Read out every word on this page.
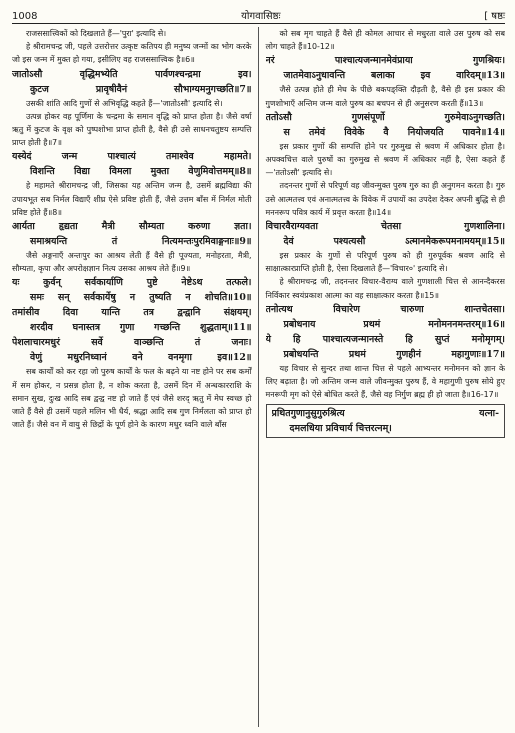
1008	योगवासिष्ठः	[ षष्ठः

राजससात्त्विकों को दिखलाते हैं—'पुरा' इत्यादि से।

हे श्रीरामचन्द्र जी, पहले उत्तरोत्तर उत्कृष्ट कतिपय ही मनुष्य जन्मों का भोग करके जो इस जन्म में मुक्त हो गया, इसीलिए वह राजससात्त्विक है॥6॥

जातोऽसौ वृद्धिमभ्येति पार्वणश्चन्द्रमा इव।
कुटज प्रावृषीवैनं सौभाग्यमनुगच्छति॥7॥

उसकी शांति आदि गुणों से अभिवृद्धि कहते हैं—'जातोऽसौ' इत्यादि से।

उत्पन्न होकर वह पूर्णिमा के चन्द्रमा के समान वृद्धि को प्राप्त होता है। जैसे वर्षा ऋतु में कुटज के वृक्ष को पुष्पशोभा प्राप्त होती है, वैसे ही उसे साधनचतुष्टय सम्पत्ति प्राप्त होती है॥7॥

यस्येदं जन्म पाश्चात्यं तमाश्वेव महामते।
विशन्ति विद्या विमला मुक्ता वेणुमिवोत्तमम्॥8॥

हे महामते श्रीरामचन्द्र जी, जिसका यह अन्तिम जन्म है, उसमें ब्रह्मविद्या की उपायभूत सब निर्मल विद्याएँ शीघ्र ऐसे प्रविष्ट होती हैं, जैसे उत्तम बाँस में निर्मल मोती प्रविष्ट होते हैं॥8॥

आर्यता हृद्यता मैत्री सौम्यता करुणा ज्ञता।
समाश्रयन्ति तं नित्यमन्तःपुरमिवाङ्गनाः॥9॥

जैसे अङ्गनाएँ अन्तःपुर का आश्रय लेती हैं वैसे ही पूज्यता, मनोहरता, मैत्री, सौम्यता, कृपा और अपरोक्षज्ञान नित्य उसका आश्रय लेते हैं॥9॥

यः कुर्वन् सर्वकार्याणि पुष्टे नेष्टेऽथ तत्फले।
समः सन् सर्वकार्येषु न तुष्यति न शोचति॥10॥
तमांसीव दिवा यान्ति तत्र द्वन्द्वानि संक्षयम्।
शरदीव घनास्तत्र गुणा गच्छन्ति शुद्धताम्॥11॥
पेशलाचारमधुरं सर्वे वाञ्छन्ति तं जनाः।
वेणुं मधुरनिध्वानं वने वनमृगा इव॥12॥

सब कार्यों को कर रहा जो पुरुष कार्यों के फल के बढ़ने या नष्ट होने पर सब कर्मों में सम होकर, न प्रसन्न होता है, न शोक करता है, उसमें दिन में अन्धकारराशि के समान सुख, दुःख आदि सब द्वन्द्व नष्ट हो जाते हैं एवं जैसे शरद् ऋतु में मेघ स्वच्छ हो जाते हैं वैसे ही उसमें पहले मलिन भी धैर्य, श्रद्धा आदि सब गुण निर्मलता को प्राप्त हो जाते हैं। जैसे वन में वायु से छिद्रों के पूर्ण होने के कारण मधुर ध्वनि वाले बाँस

को सब मृग चाहते हैं वैसे ही कोमल आचार से मधुरता वाले उस पुरुष को सब लोग चाहते हैं॥10-12॥

नरं पाश्चात्यजन्मानमेवंप्राया गुणश्रियः।
जातमेवाऽनुधावन्ति बलाका इव वारिदम्॥13॥

जैसे उत्पन्न होते ही मेघ के पीछे बकपङ्क्ति दौड़ती है, वैसे ही इस प्रकार की गुणशोभाएँ अन्तिम जन्म वाले पुरुष का बचपन से ही अनुसरण करती हैं॥13॥

ततोऽसौ गुणसंपूर्णो गुरुमेवाऽनुगच्छति।
स तमेवं विवेके वै नियोजयति पावने॥14॥

इस प्रकार गुणों की सम्पत्ति होने पर गुरुमुख से श्रवण में अधिकार होता है। अपक्वचित्त वाले पुरुषों का गुरुमुख से श्रवण में अधिकार नहीं है, ऐसा कहते हैं—'ततोऽसौ' इत्यादि से।

तदनन्तर गुणों से परिपूर्ण वह जीवन्मुक्त पुरुष गुरु का ही अनुगमन करता है। गुरु उसे आत्मतत्त्व एवं अनात्मतत्त्व के विवेक में उपायों का उपदेश देकर अपनी बुद्धि से ही मननरूप पवित्र कार्य में प्रवृत्त करता है॥14॥

विचारवैराग्यवता चेतसा गुणशालिना।
देवं पश्यत्यसौ ऽत्मानमेकरूपमनामयम्॥15॥

इस प्रकार के गुणों से परिपूर्ण पुरुष को ही गुरुपूर्वक श्रवण आदि से साक्षात्कारप्राप्ति होती है, ऐसा दिखलाते हैं—'विचार०' इत्यादि से।

हे श्रीरामचन्द्र जी, तदनन्तर विचार-वैराग्य वाले गुणशाली चित्त से आनन्दैकरस निर्विकार स्वयंप्रकाश आत्मा का वह साक्षात्कार करता है॥15॥

तनोत्यथ विचारेण चारुणा शान्तचेतसा।
प्रबोधनाय प्रथमं मनोमननमन्तरम्॥16॥
ये हि पाश्चात्यजन्मानस्ते हि सुप्तं मनोमृगम्।
प्रबोधयन्ति प्रथमं गुणहीनं महागुणाः॥17॥

यह विचार से सुन्दर तथा शान्त चित्त से पहले आभ्यन्तर मनोमनन को ज्ञान के लिए बढ़ाता है। जो अन्तिम जन्म वाले जीवन्मुक्त पुरुष हैं, वे महागुणी पुरुष सोये हुए मनरूपी मृग को ऐसे बोधित करते हैं, जैसे वह निर्गुण ब्रह्म ही हो जाता है॥16-17॥

प्रथितगुणानुसुगुरुश्रित्य यत्ना-
दमलधिया प्रविचार्य चित्तरत्नम्।
